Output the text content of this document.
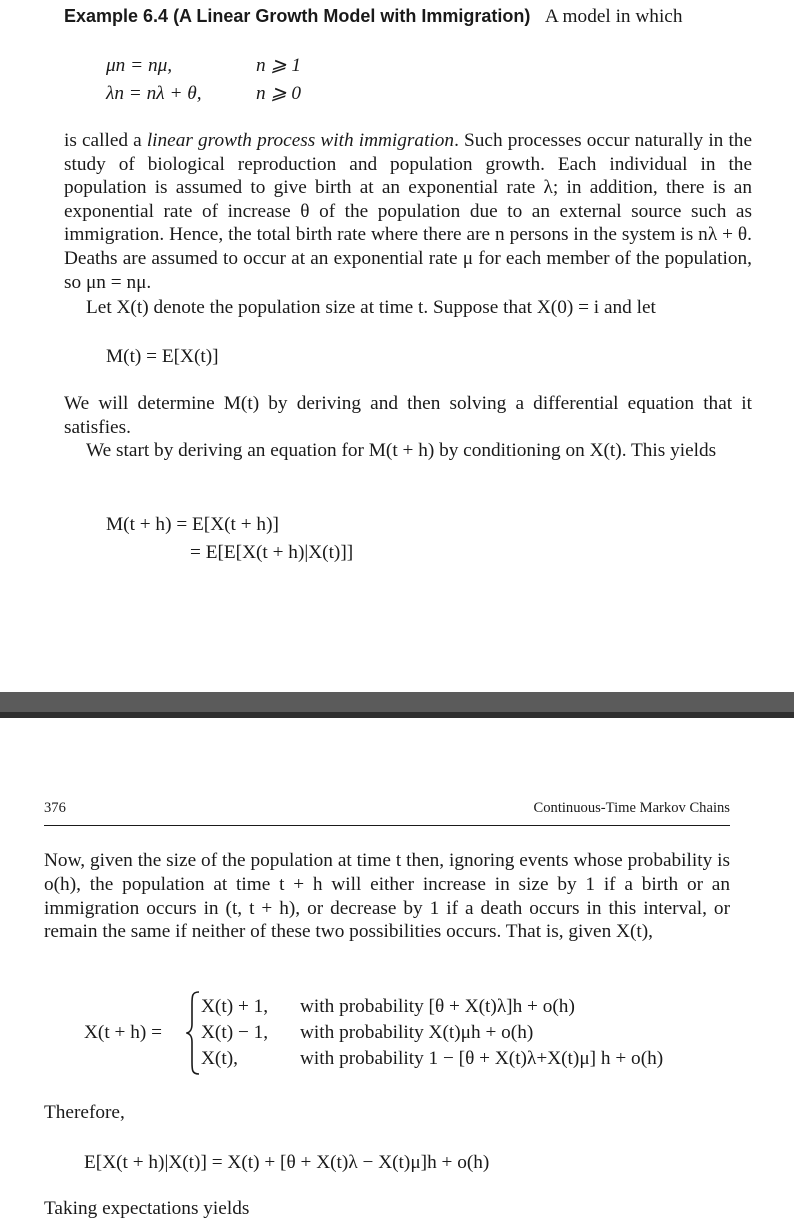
Example 6.4 (A Linear Growth Model with Immigration) A model in which
μn = nμ,	n ⩾ 1
λn = nλ + θ,	n ⩾ 0

is called a linear growth process with immigration. Such processes occur naturally in the study of biological reproduction and population growth. Each individual in the population is assumed to give birth at an exponential rate λ; in addition, there is an exponential rate of increase θ of the population due to an external source such as immigration. Hence, the total birth rate where there are n persons in the system is nλ + θ. Deaths are assumed to occur at an exponential rate μ for each member of the population, so μn = nμ.

Let X(t) denote the population size at time t. Suppose that X(0) = i and let

M(t) = E[X(t)]

We will determine M(t) by deriving and then solving a differential equation that it satisfies.

We start by deriving an equation for M(t + h) by conditioning on X(t). This yields

M(t + h) = E[X(t + h)]
= E[E[X(t + h)|X(t)]]
376	Continuous-Time Markov Chains

Now, given the size of the population at time t then, ignoring events whose probability is o(h), the population at time t + h will either increase in size by 1 if a birth or an immigration occurs in (t, t + h), or decrease by 1 if a death occurs in this interval, or remain the same if neither of these two possibilities occurs. That is, given X(t),

X(t + h) =
X(t) + 1, with probability [θ + X(t)λ]h + o(h)
X(t) − 1, with probability X(t)μh + o(h)
X(t),	with probability 1 − [θ + X(t)λ+X(t)μ] h + o(h)
Therefore,
E[X(t + h)|X(t)] = X(t) + [θ + X(t)λ − X(t)μ]h + o(h)
Taking expectations yields
